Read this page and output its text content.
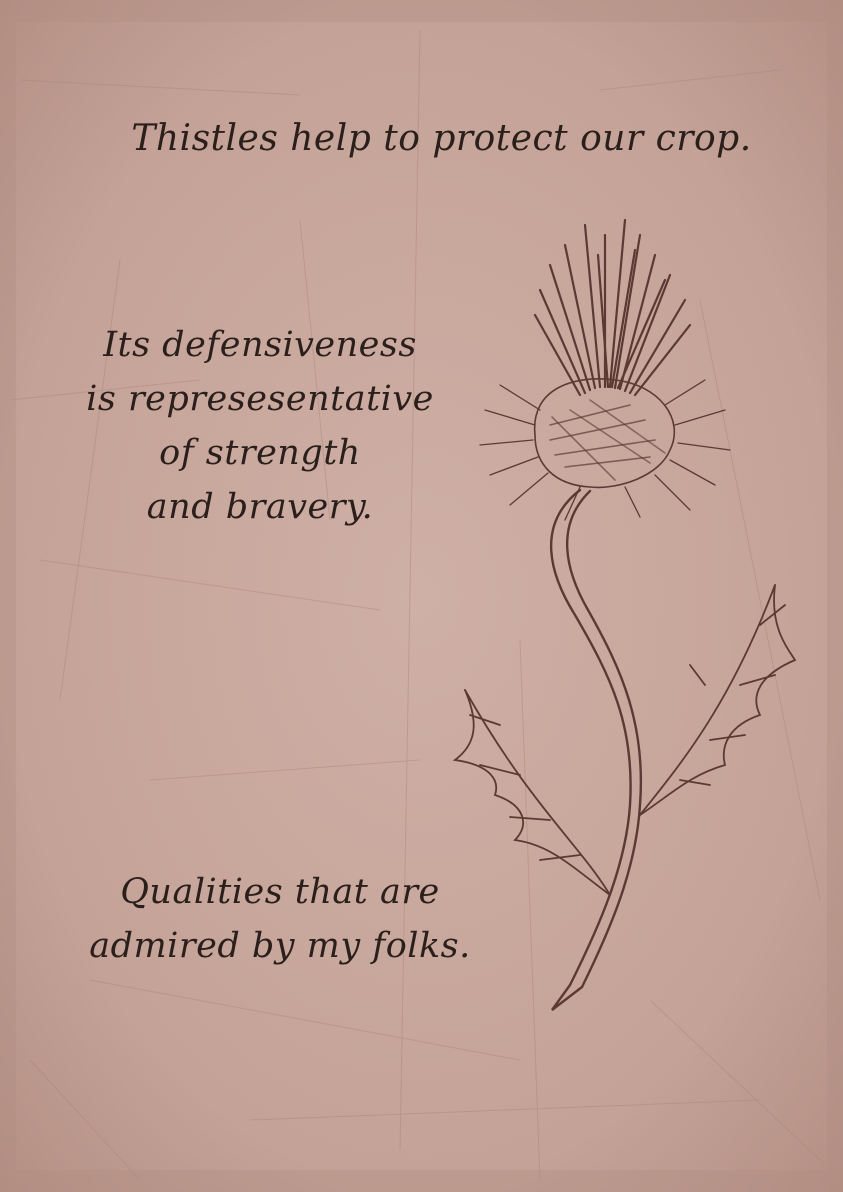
Thistles help to protect our crop.
Its defensiveness
is represesentative
of strength
and bravery.
Qualities that are
admired by my folks.
